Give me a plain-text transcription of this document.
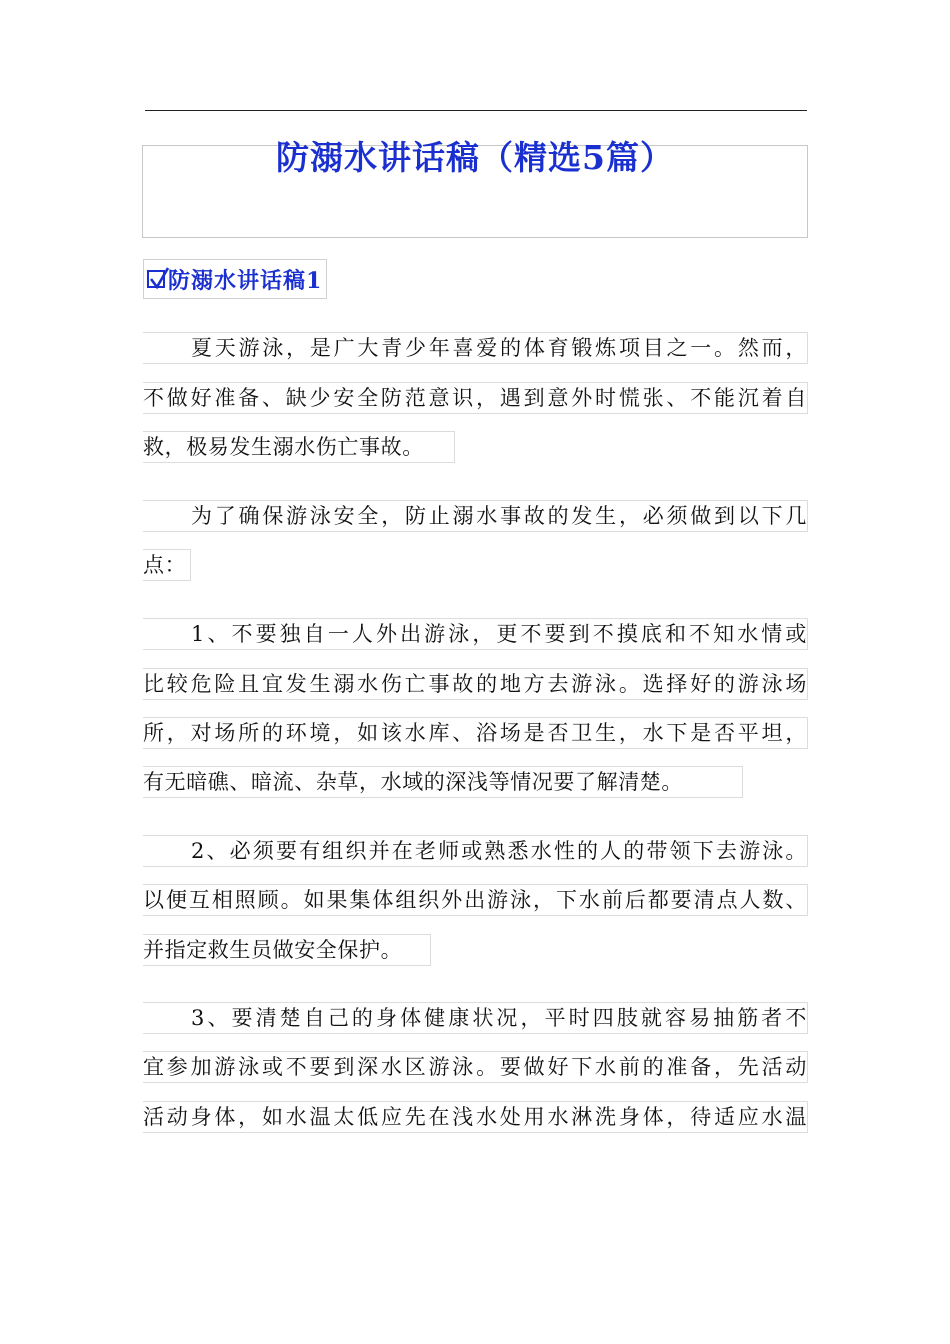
防溺水讲话稿（精选5篇）
防溺水讲话稿1
夏天游泳，是广大青少年喜爱的体育锻炼项目之一。然而，
不做好准备、缺少安全防范意识，遇到意外时慌张、不能沉着自
救，极易发生溺水伤亡事故。
为了确保游泳安全，防止溺水事故的发生，必须做到以下几
点：
1、不要独自一人外出游泳，更不要到不摸底和不知水情或
比较危险且宜发生溺水伤亡事故的地方去游泳。选择好的游泳场
所，对场所的环境，如该水库、浴场是否卫生，水下是否平坦，
有无暗礁、暗流、杂草，水域的深浅等情况要了解清楚。
2、必须要有组织并在老师或熟悉水性的人的带领下去游泳。
以便互相照顾。如果集体组织外出游泳，下水前后都要清点人数、
并指定救生员做安全保护。
3、要清楚自己的身体健康状况，平时四肢就容易抽筋者不
宜参加游泳或不要到深水区游泳。要做好下水前的准备，先活动
活动身体，如水温太低应先在浅水处用水淋洗身体，待适应水温
